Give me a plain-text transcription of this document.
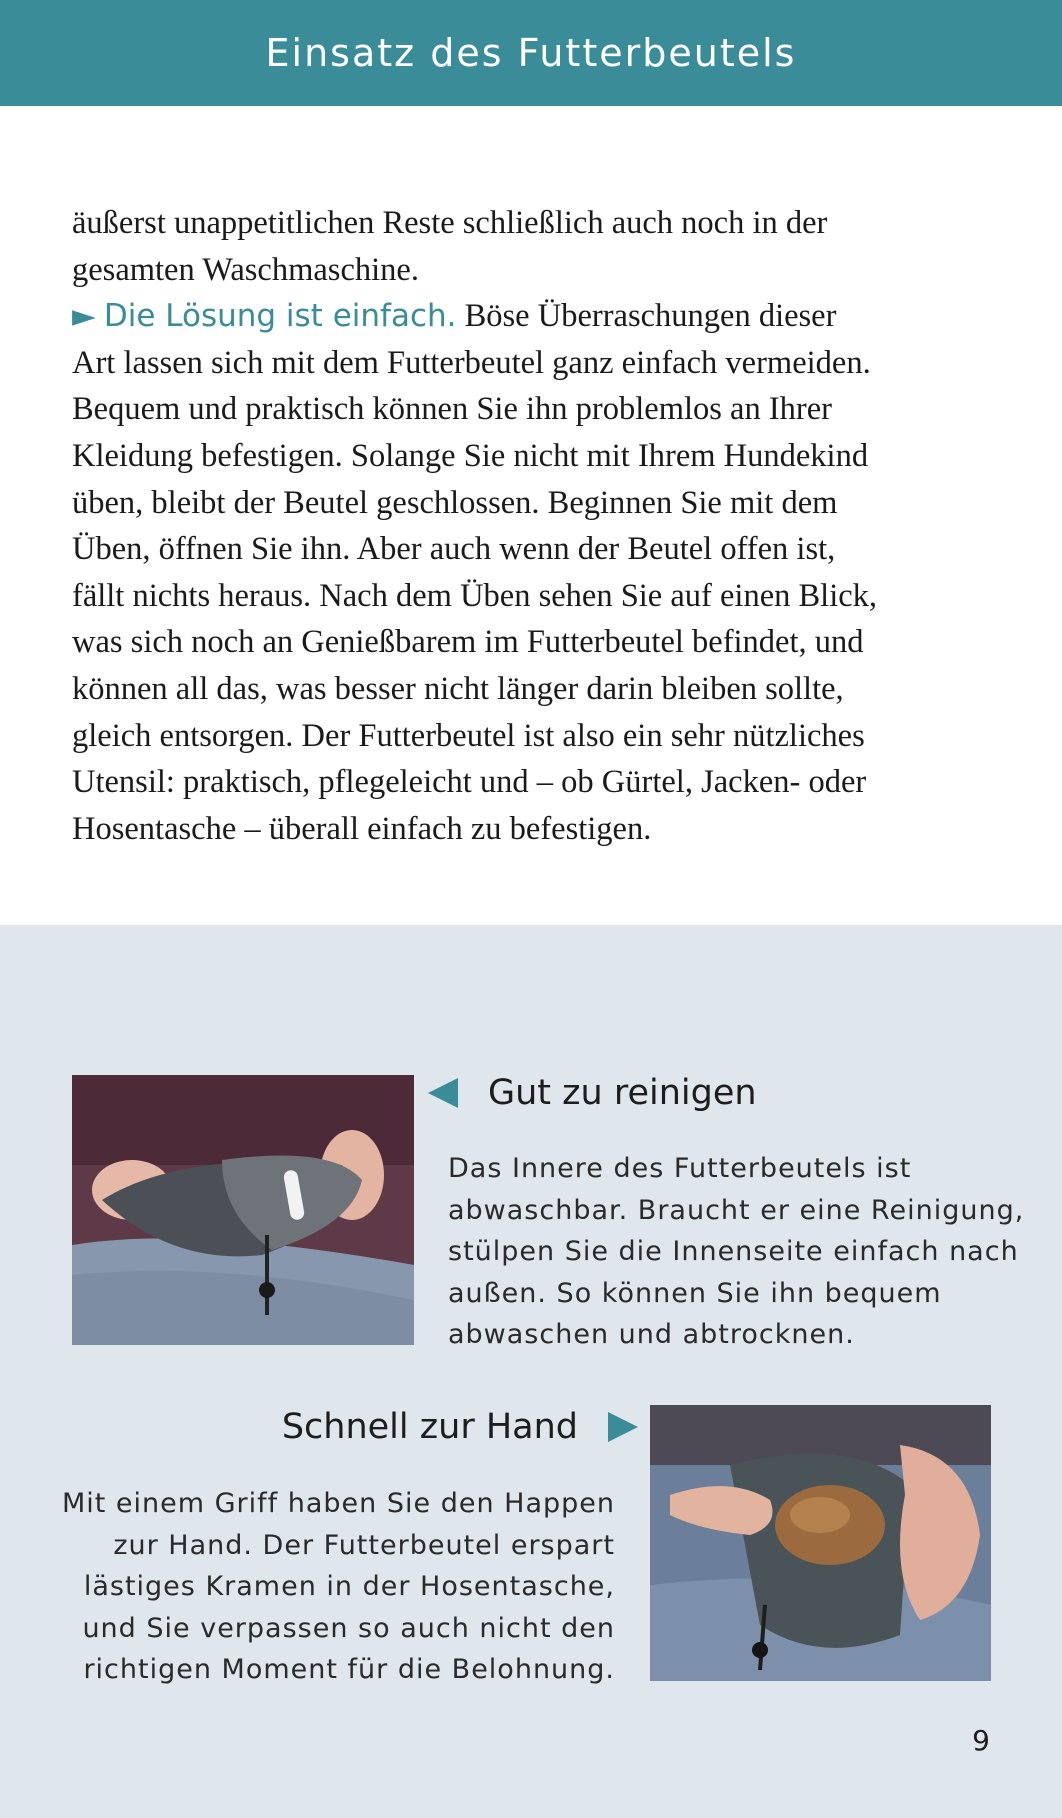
Einsatz des Futterbeutels

äußerst unappetitlichen Reste schließlich auch noch in der

gesamten Waschmaschine.

► Die Lösung ist einfach. Böse Überraschungen dieser

Art lassen sich mit dem Futterbeutel ganz einfach vermeiden.

Bequem und praktisch können Sie ihn problemlos an Ihrer

Kleidung befestigen. Solange Sie nicht mit Ihrem Hundekind

üben, bleibt der Beutel geschlossen. Beginnen Sie mit dem

Üben, öffnen Sie ihn. Aber auch wenn der Beutel offen ist,

fällt nichts heraus. Nach dem Üben sehen Sie auf einen Blick,

was sich noch an Genießbarem im Futterbeutel befindet, und

können all das, was besser nicht länger darin bleiben sollte,

gleich entsorgen. Der Futterbeutel ist also ein sehr nützliches

Utensil: praktisch, pflegeleicht und – ob Gürtel, Jacken- oder

Hosentasche – überall einfach zu befestigen.

Gut zu reinigen
Das Innere des Futterbeutels ist
abwaschbar. Braucht er eine Reinigung,
stülpen Sie die Innenseite einfach nach
außen. So können Sie ihn bequem
abwaschen und abtrocknen.
Schnell zur Hand
Mit einem Griff haben Sie den Happen
zur Hand. Der Futterbeutel erspart
lästiges Kramen in der Hosentasche,
und Sie verpassen so auch nicht den
richtigen Moment für die Belohnung.
9
